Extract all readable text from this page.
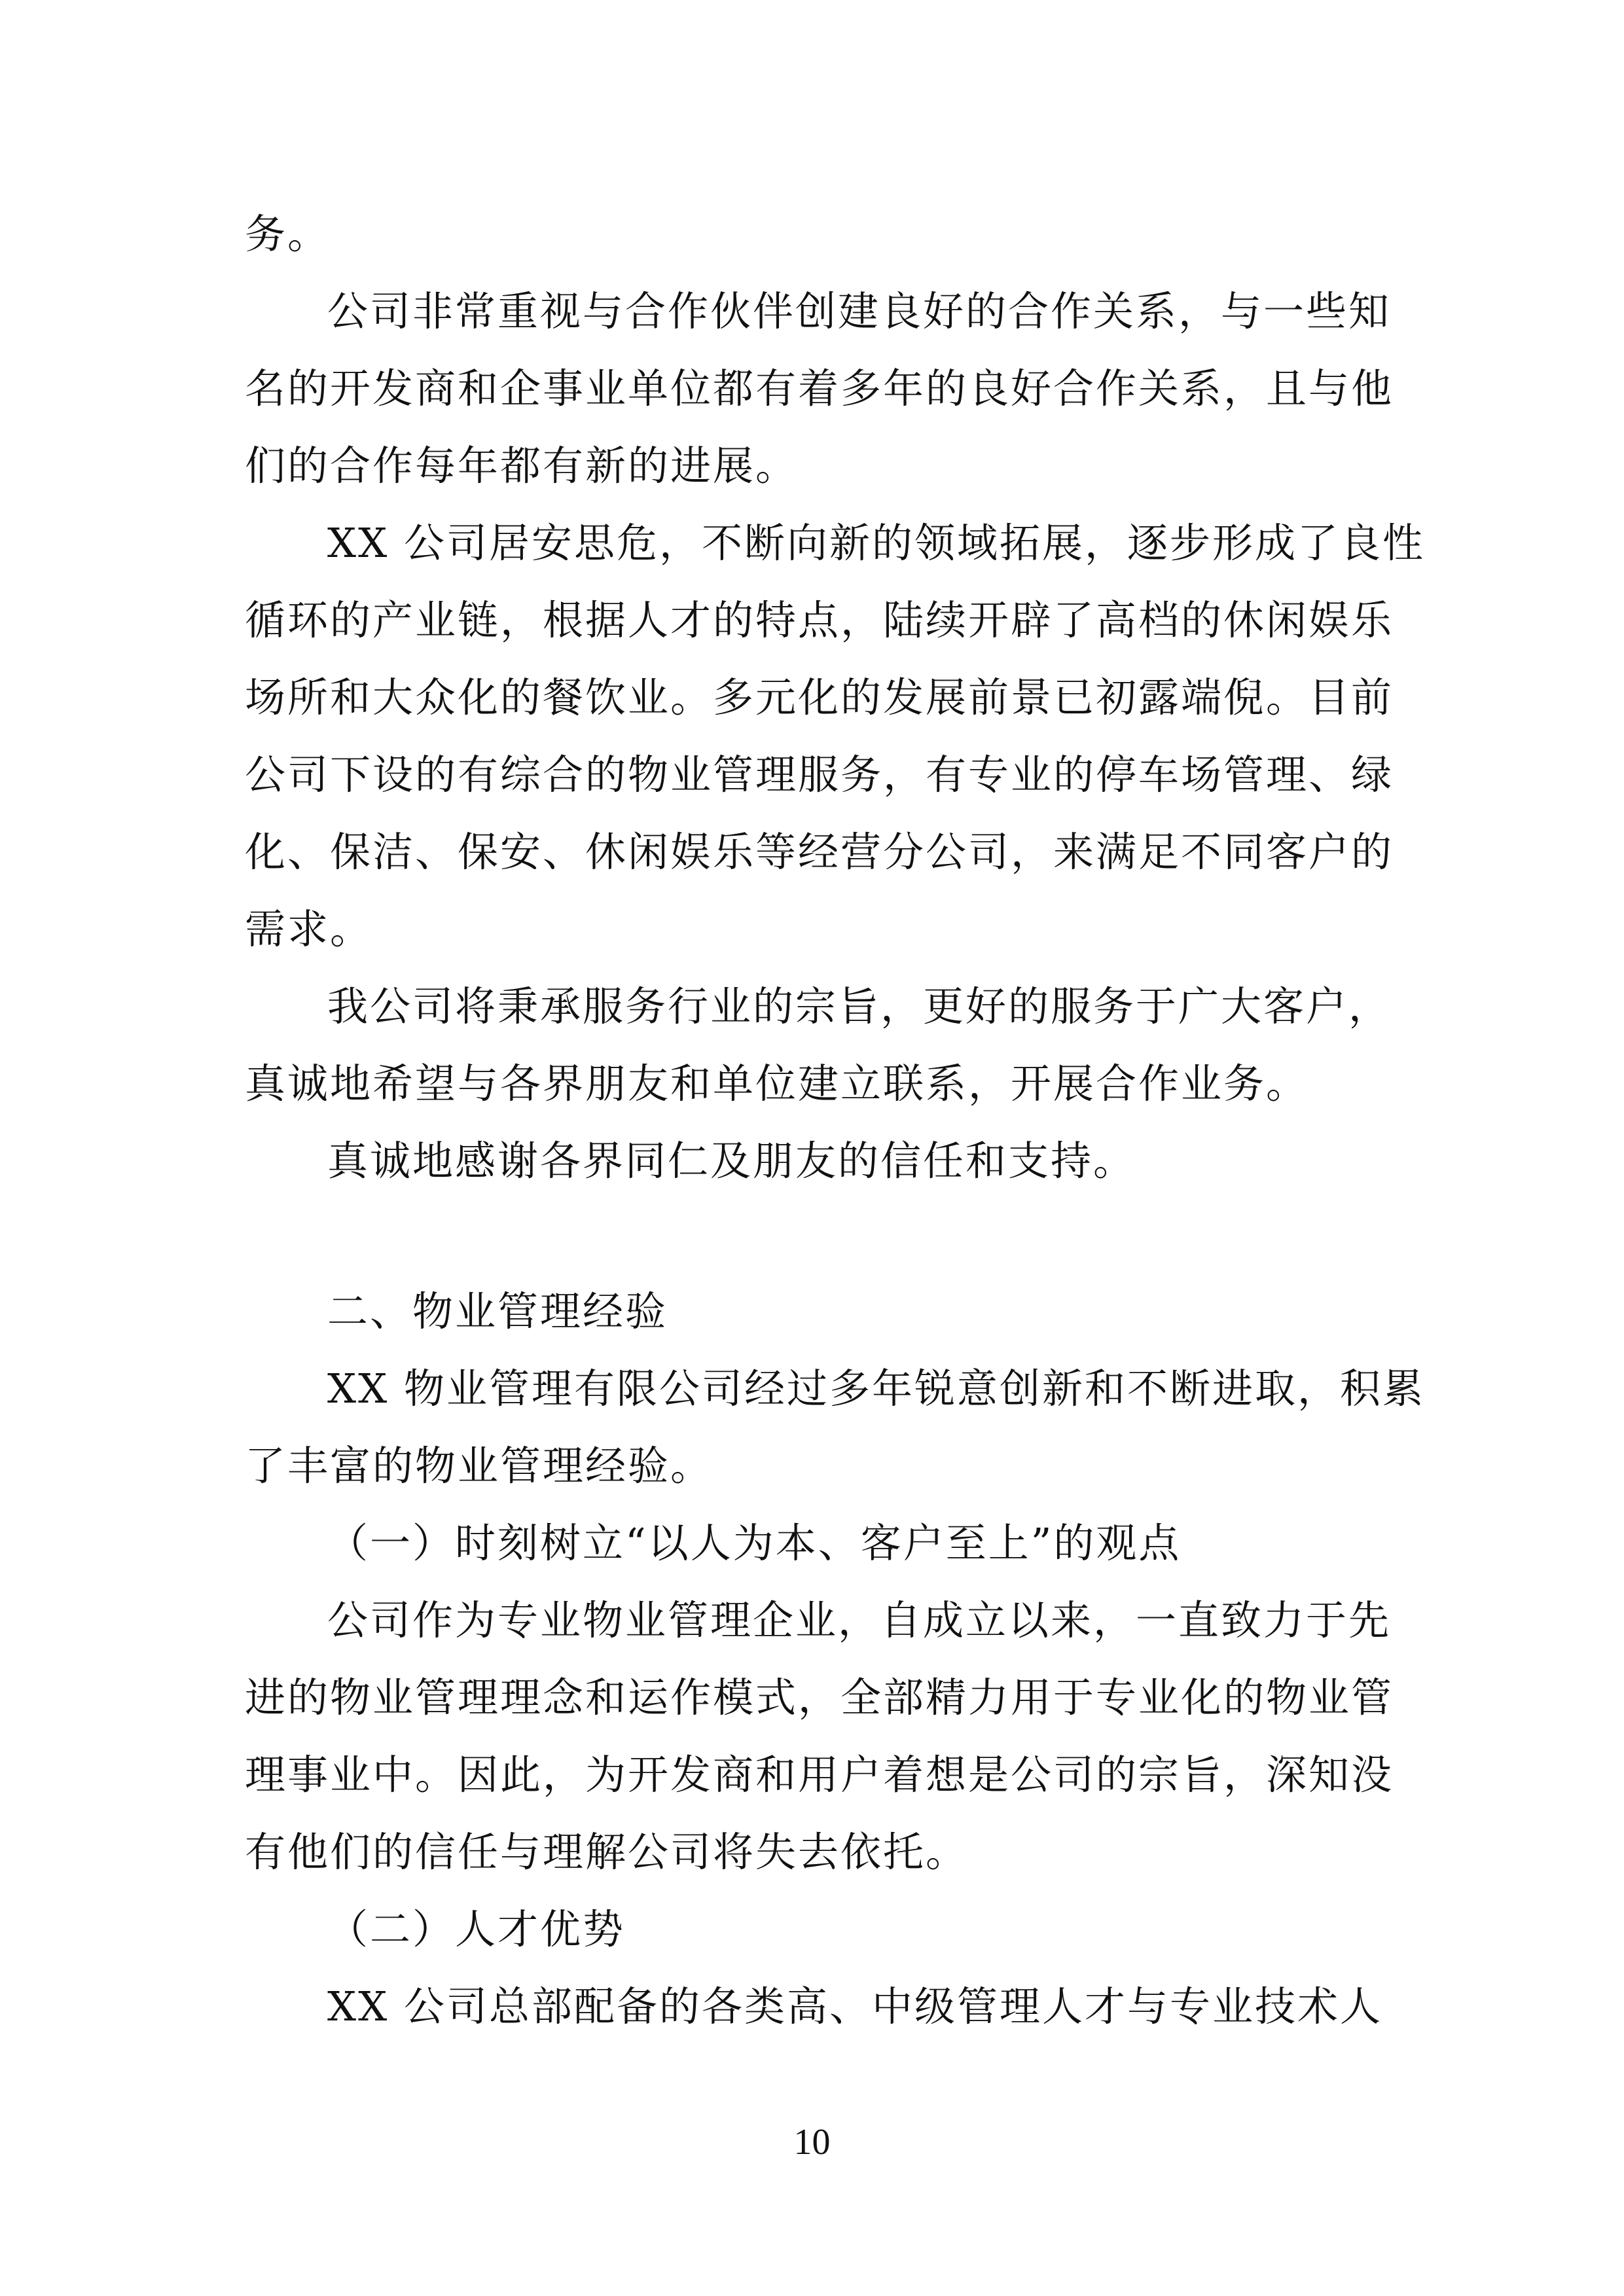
务。
公司非常重视与合作伙伴创建良好的合作关系，与一些知
名的开发商和企事业单位都有着多年的良好合作关系，且与他
们的合作每年都有新的进展。
XX 公司居安思危，不断向新的领域拓展，逐步形成了良性
循环的产业链，根据人才的特点，陆续开辟了高档的休闲娱乐
场所和大众化的餐饮业。多元化的发展前景已初露端倪。目前
公司下设的有综合的物业管理服务，有专业的停车场管理、绿
化、保洁、保安、休闲娱乐等经营分公司，来满足不同客户的
需求。
我公司将秉承服务行业的宗旨，更好的服务于广大客户，
真诚地希望与各界朋友和单位建立联系，开展合作业务。
真诚地感谢各界同仁及朋友的信任和支持。
二、物业管理经验
XX 物业管理有限公司经过多年锐意创新和不断进取，积累
了丰富的物业管理经验。
（一）时刻树立“以人为本、客户至上”的观点
公司作为专业物业管理企业，自成立以来，一直致力于先
进的物业管理理念和运作模式，全部精力用于专业化的物业管
理事业中。因此，为开发商和用户着想是公司的宗旨，深知没
有他们的信任与理解公司将失去依托。
（二）人才优势
XX 公司总部配备的各类高、中级管理人才与专业技术人
10
